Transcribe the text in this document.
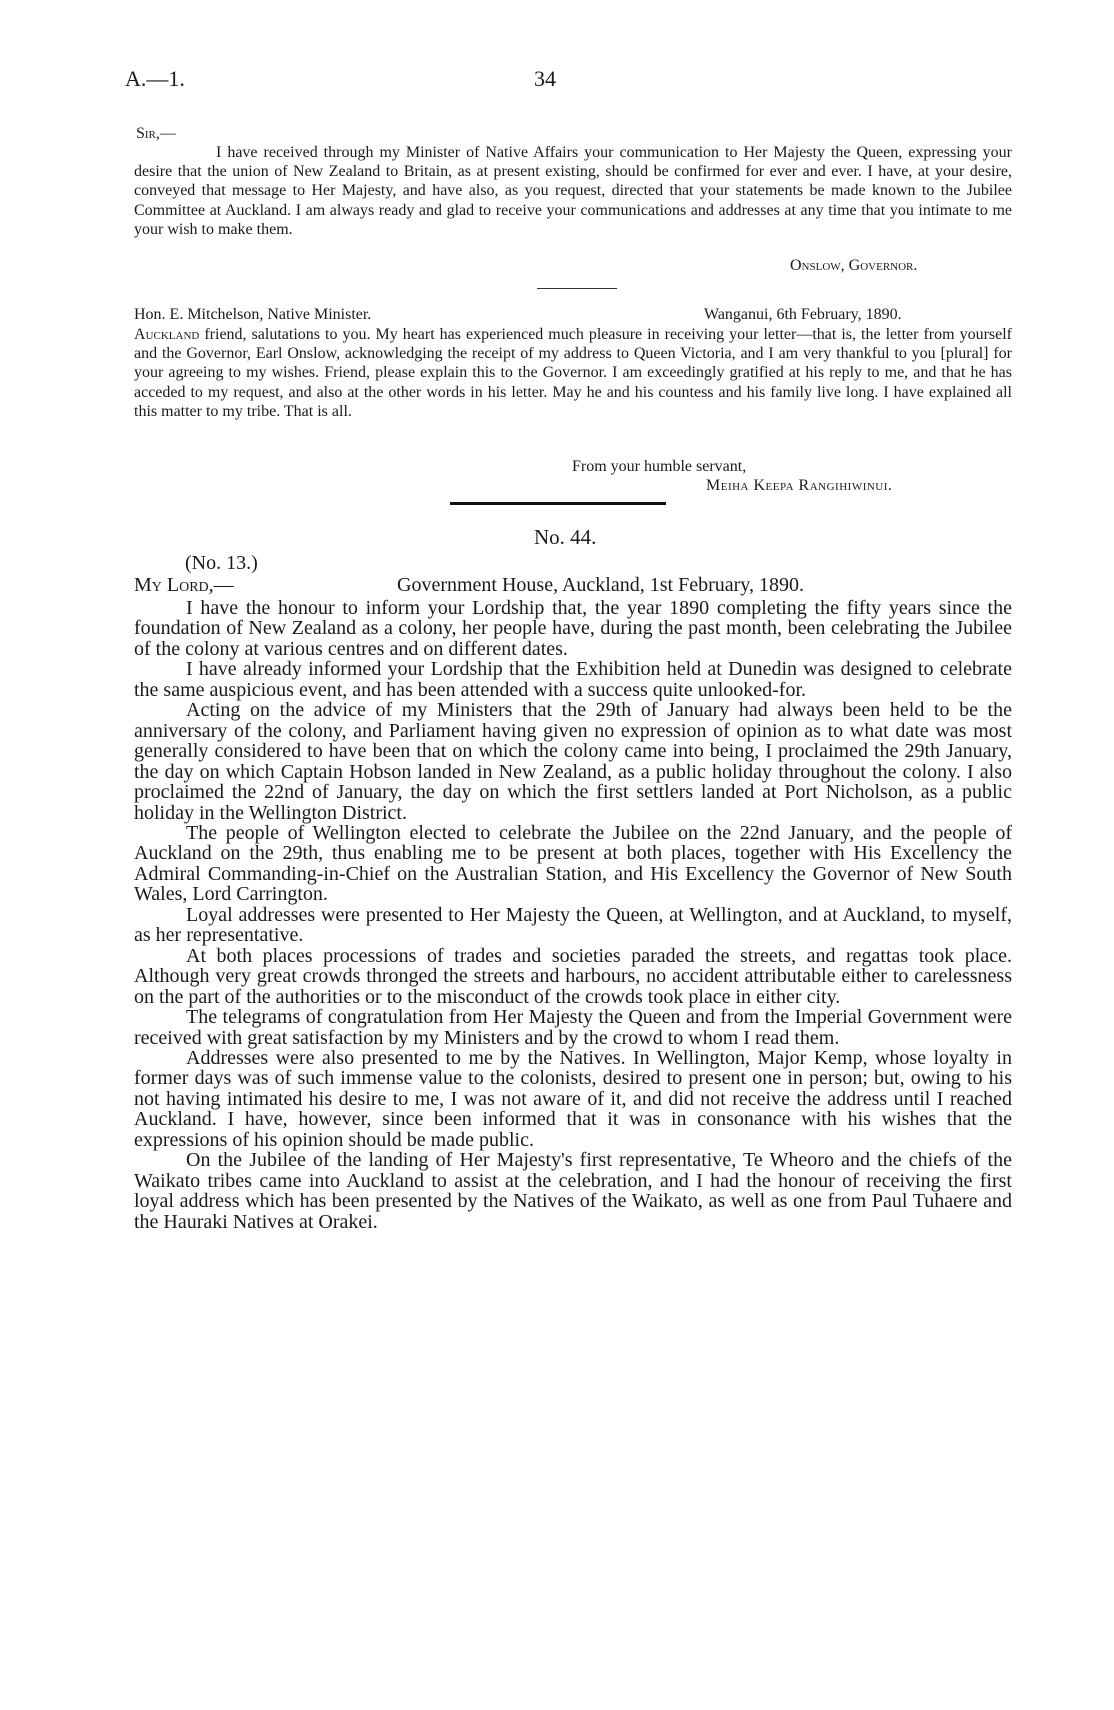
A.—1.	34
Sir,—
I have received through my Minister of Native Affairs your communication to Her Majesty the Queen, expressing your desire that the union of New Zealand to Britain, as at present existing, should be confirmed for ever and ever. I have, at your desire, conveyed that message to Her Majesty, and have also, as you request, directed that your statements be made known to the Jubilee Committee at Auckland. I am always ready and glad to receive your communications and addresses at any time that you intimate to me your wish to make them.
Onslow, Governor.
Hon. E. Mitchelson, Native Minister.	Wanganui, 6th February, 1890.
Auckland friend, salutations to you. My heart has experienced much pleasure in receiving your letter—that is, the letter from yourself and the Governor, Earl Onslow, acknowledging the receipt of my address to Queen Victoria, and I am very thankful to you [plural] for your agreeing to my wishes. Friend, please explain this to the Governor. I am exceedingly gratified at his reply to me, and that he has acceded to my request, and also at the other words in his letter. May he and his countess and his family live long. I have explained all this matter to my tribe. That is all.
From your humble servant,
Meiha Keepa Rangihiwinui.
No. 44.
(No. 13.)
My Lord,—	Government House, Auckland, 1st February, 1890.

I have the honour to inform your Lordship that, the year 1890 completing the fifty years since the foundation of New Zealand as a colony, her people have, during the past month, been celebrating the Jubilee of the colony at various centres and on different dates.

I have already informed your Lordship that the Exhibition held at Dunedin was designed to celebrate the same auspicious event, and has been attended with a success quite unlooked-for.

Acting on the advice of my Ministers that the 29th of January had always been held to be the anniversary of the colony, and Parliament having given no expression of opinion as to what date was most generally considered to have been that on which the colony came into being, I proclaimed the 29th January, the day on which Captain Hobson landed in New Zealand, as a public holiday throughout the colony. I also proclaimed the 22nd of January, the day on which the first settlers landed at Port Nicholson, as a public holiday in the Wellington District.

The people of Wellington elected to celebrate the Jubilee on the 22nd January, and the people of Auckland on the 29th, thus enabling me to be present at both places, together with His Excellency the Admiral Commanding-in-Chief on the Australian Station, and His Excellency the Governor of New South Wales, Lord Carrington.

Loyal addresses were presented to Her Majesty the Queen, at Wellington, and at Auckland, to myself, as her representative.

At both places processions of trades and societies paraded the streets, and regattas took place. Although very great crowds thronged the streets and harbours, no accident attributable either to carelessness on the part of the authorities or to the misconduct of the crowds took place in either city.

The telegrams of congratulation from Her Majesty the Queen and from the Imperial Government were received with great satisfaction by my Ministers and by the crowd to whom I read them.

Addresses were also presented to me by the Natives. In Wellington, Major Kemp, whose loyalty in former days was of such immense value to the colonists, desired to present one in person; but, owing to his not having intimated his desire to me, I was not aware of it, and did not receive the address until I reached Auckland. I have, however, since been informed that it was in consonance with his wishes that the expressions of his opinion should be made public.

On the Jubilee of the landing of Her Majesty's first representative, Te Wheoro and the chiefs of the Waikato tribes came into Auckland to assist at the celebration, and I had the honour of receiving the first loyal address which has been presented by the Natives of the Waikato, as well as one from Paul Tuhaere and the Hauraki Natives at Orakei.
